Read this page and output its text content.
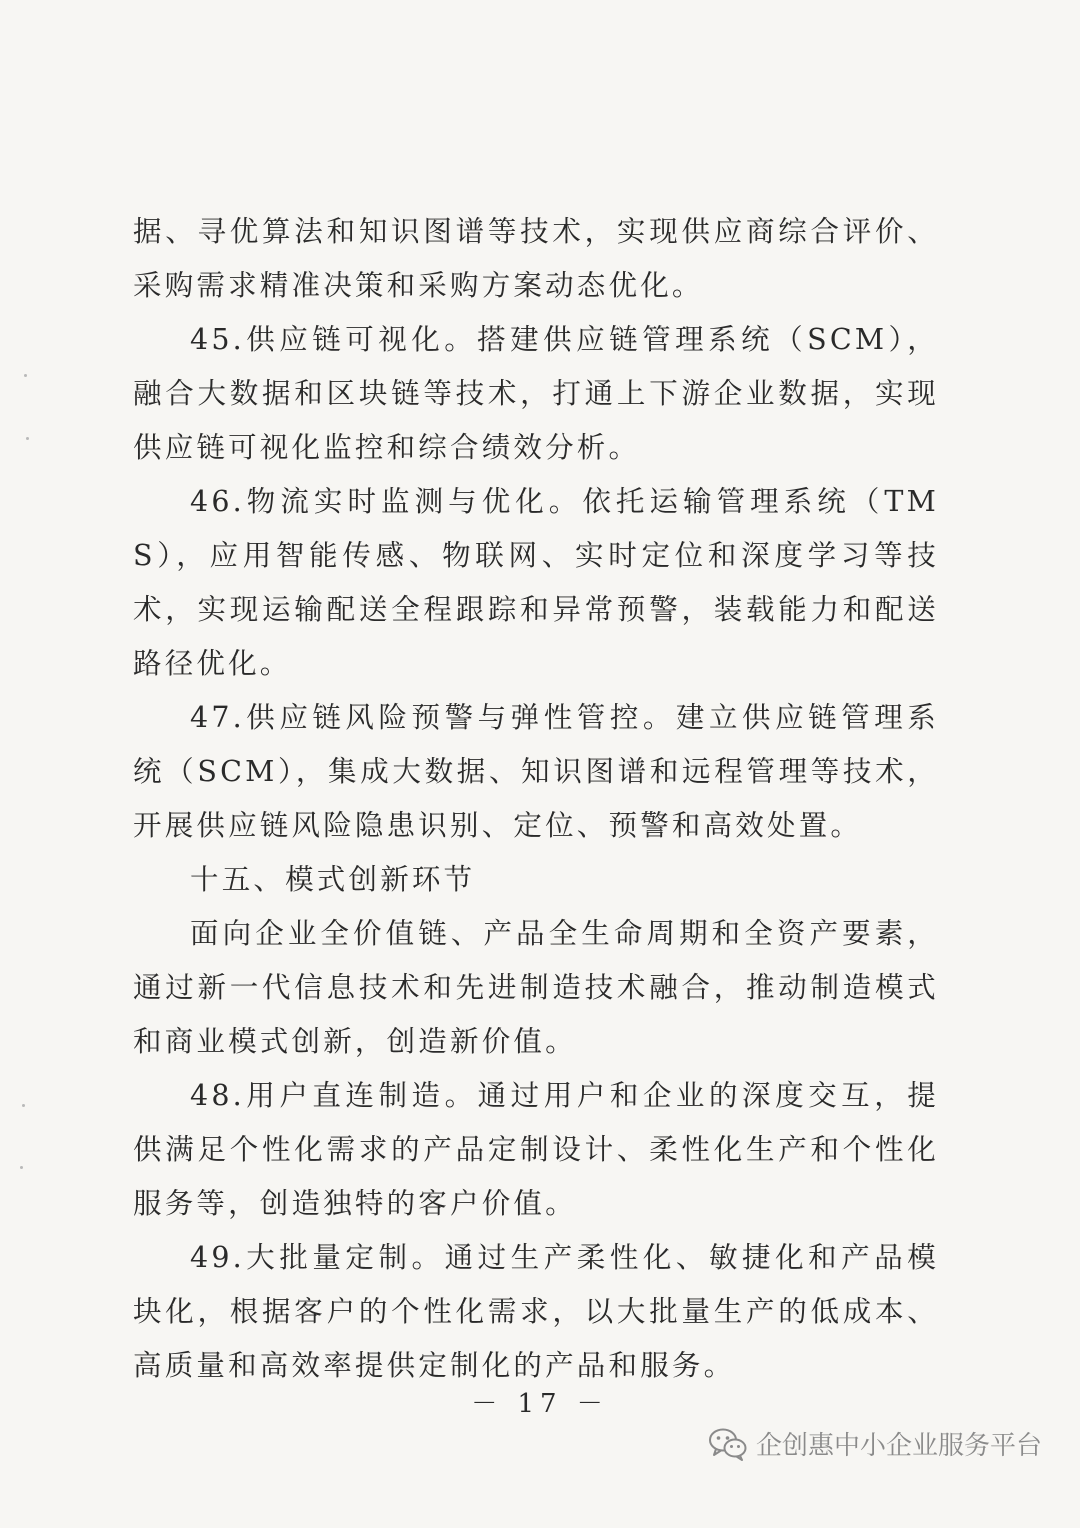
据、寻优算法和知识图谱等技术，实现供应商综合评价、采购需求精准决策和采购方案动态优化。

45.供应链可视化。搭建供应链管理系统（SCM），融合大数据和区块链等技术，打通上下游企业数据，实现供应链可视化监控和综合绩效分析。

46.物流实时监测与优化。依托运输管理系统（TMS），应用智能传感、物联网、实时定位和深度学习等技术，实现运输配送全程跟踪和异常预警，装载能力和配送路径优化。

47.供应链风险预警与弹性管控。建立供应链管理系统（SCM），集成大数据、知识图谱和远程管理等技术，开展供应链风险隐患识别、定位、预警和高效处置。

十五、模式创新环节

面向企业全价值链、产品全生命周期和全资产要素，通过新一代信息技术和先进制造技术融合，推动制造模式和商业模式创新，创造新价值。

48.用户直连制造。通过用户和企业的深度交互，提供满足个性化需求的产品定制设计、柔性化生产和个性化服务等，创造独特的客户价值。

49.大批量定制。通过生产柔性化、敏捷化和产品模块化，根据客户的个性化需求，以大批量生产的低成本、高质量和高效率提供定制化的产品和服务。

－ 17 －
企创惠中小企业服务平台
